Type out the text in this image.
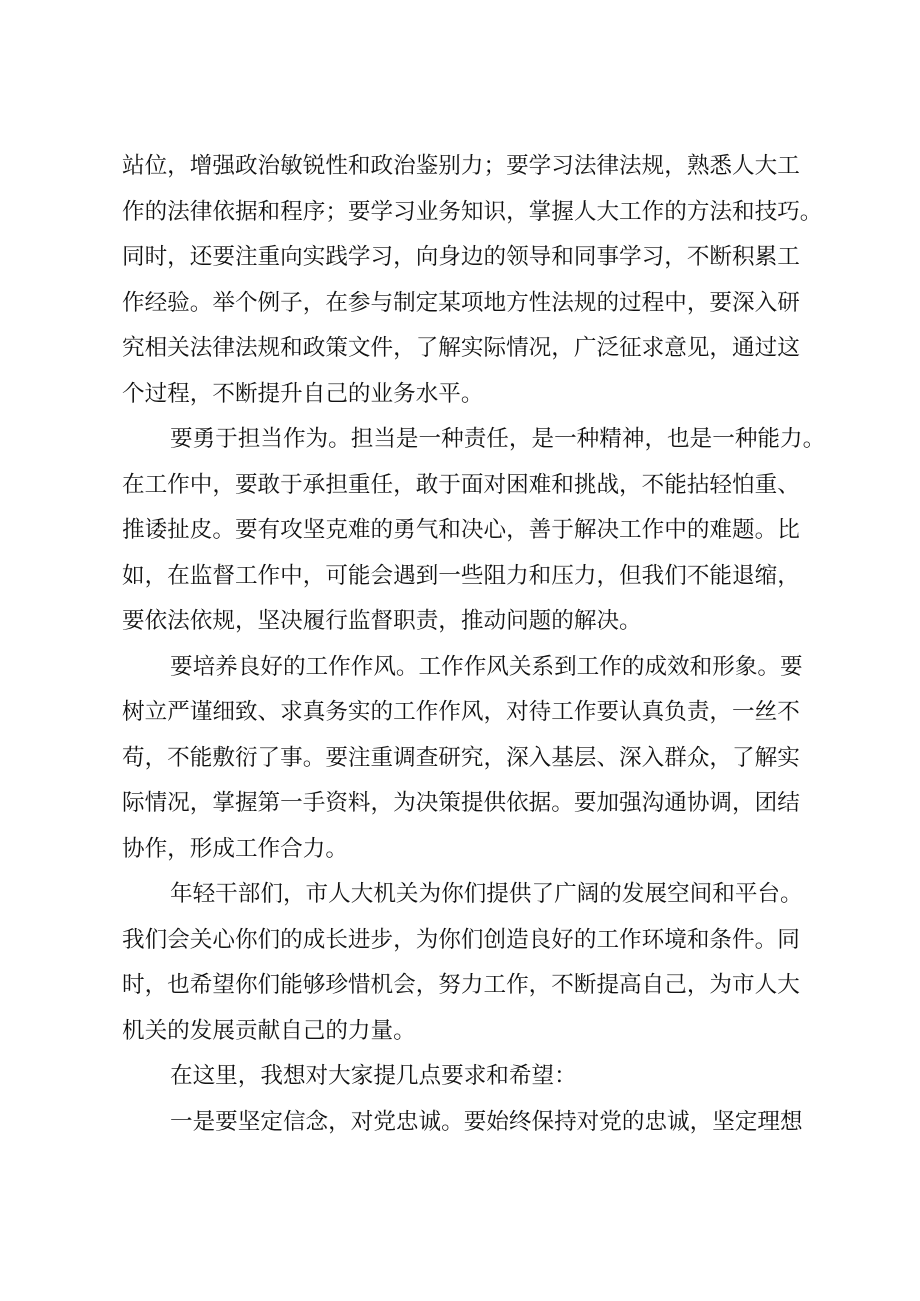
站位，增强政治敏锐性和政治鉴别力；要学习法律法规，熟悉人大工
作的法律依据和程序；要学习业务知识，掌握人大工作的方法和技巧。
同时，还要注重向实践学习，向身边的领导和同事学习，不断积累工
作经验。举个例子，在参与制定某项地方性法规的过程中，要深入研
究相关法律法规和政策文件，了解实际情况，广泛征求意见，通过这
个过程，不断提升自己的业务水平。
要勇于担当作为。担当是一种责任，是一种精神，也是一种能力。
在工作中，要敢于承担重任，敢于面对困难和挑战，不能拈轻怕重、
推诿扯皮。要有攻坚克难的勇气和决心，善于解决工作中的难题。比
如，在监督工作中，可能会遇到一些阻力和压力，但我们不能退缩，
要依法依规，坚决履行监督职责，推动问题的解决。
要培养良好的工作作风。工作作风关系到工作的成效和形象。要
树立严谨细致、求真务实的工作作风，对待工作要认真负责，一丝不
苟，不能敷衍了事。要注重调查研究，深入基层、深入群众，了解实
际情况，掌握第一手资料，为决策提供依据。要加强沟通协调，团结
协作，形成工作合力。
年轻干部们，市人大机关为你们提供了广阔的发展空间和平台。
我们会关心你们的成长进步，为你们创造良好的工作环境和条件。同
时，也希望你们能够珍惜机会，努力工作，不断提高自己，为市人大
机关的发展贡献自己的力量。
在这里，我想对大家提几点要求和希望：
一是要坚定信念，对党忠诚。要始终保持对党的忠诚，坚定理想
